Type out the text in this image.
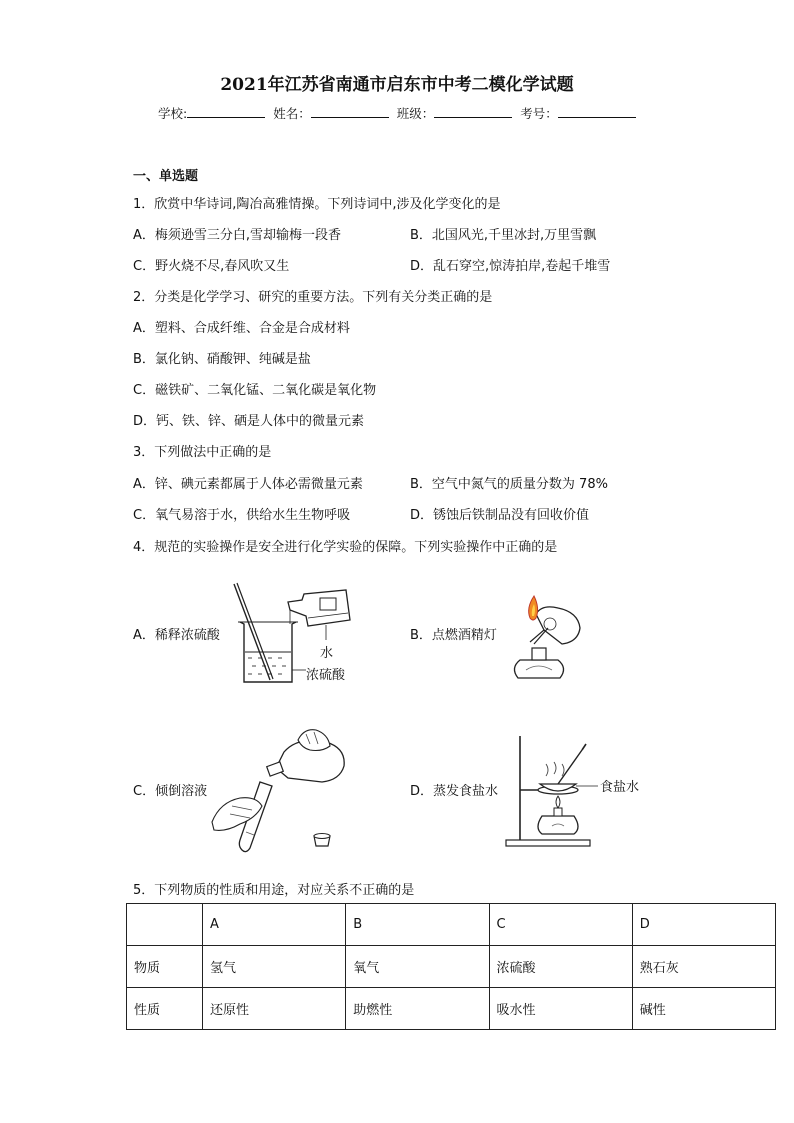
2021年江苏省南通市启东市中考二模化学试题
学校:	姓名：	班级：	考号：
一、单选题
1．欣赏中华诗词,陶冶高雅情操。下列诗词中,涉及化学变化的是
A．梅须逊雪三分白,雪却输梅一段香	B．北国风光,千里冰封,万里雪飘
C．野火烧不尽,春风吹又生	D．乱石穿空,惊涛拍岸,卷起千堆雪
2．分类是化学学习、研究的重要方法。下列有关分类正确的是
A．塑料、合成纤维、合金是合成材料
B．氯化钠、硝酸钾、纯碱是盐
C．磁铁矿、二氧化锰、二氧化碳是氧化物
D．钙、铁、锌、硒是人体中的微量元素
3．下列做法中正确的是
A．锌、碘元素都属于人体必需微量元素	B．空气中氮气的质量分数为 78%
C．氧气易溶于水，供给水生生物呼吸	D．锈蚀后铁制品没有回收价值
4．规范的实验操作是安全进行化学实验的保障。下列实验操作中正确的是
A．稀释浓硫酸	B．点燃酒精灯
C．倾倒溶液	D．蒸发食盐水
水
浓硫酸
食盐水
5．下列物质的性质和用途，对应关系不正确的是
	A	B	C	D
物质	氢气	氧气	浓硫酸	熟石灰
性质	还原性	助燃性	吸水性	碱性
